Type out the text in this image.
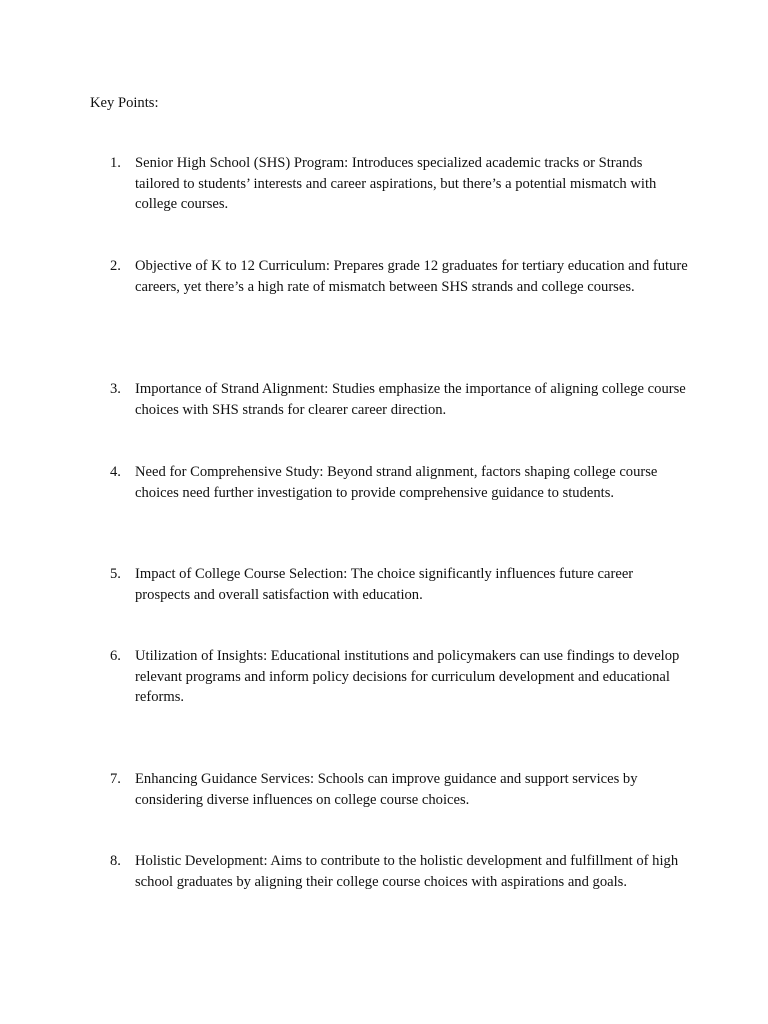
Key Points:

1. Senior High School (SHS) Program: Introduces specialized academic tracks or Strands tailored to students’ interests and career aspirations, but there’s a potential mismatch with college courses.

2. Objective of K to 12 Curriculum: Prepares grade 12 graduates for tertiary education and future careers, yet there’s a high rate of mismatch between SHS strands and college courses.

3. Importance of Strand Alignment: Studies emphasize the importance of aligning college course choices with SHS strands for clearer career direction.

4. Need for Comprehensive Study: Beyond strand alignment, factors shaping college course choices need further investigation to provide comprehensive guidance to students.

5. Impact of College Course Selection: The choice significantly influences future career prospects and overall satisfaction with education.

6. Utilization of Insights: Educational institutions and policymakers can use findings to develop relevant programs and inform policy decisions for curriculum development and educational reforms.

7. Enhancing Guidance Services: Schools can improve guidance and support services by considering diverse influences on college course choices.

8. Holistic Development: Aims to contribute to the holistic development and fulfillment of high school graduates by aligning their college course choices with aspirations and goals.
